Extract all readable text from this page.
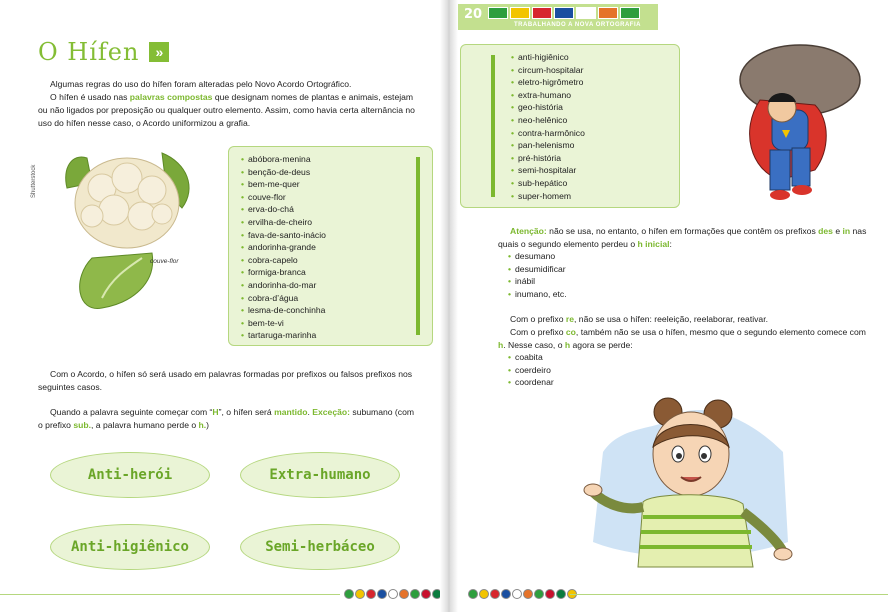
O Hífen	»

Algumas regras do uso do hífen foram alteradas pelo Novo Acordo Ortográfico.

O hífen é usado nas palavras compostas que designam nomes de plantas e animais, estejam ou não ligados por preposição ou qualquer outro elemento. Assim, como havia certa alternância no uso do hífen nesse caso, o Acordo uniformizou a grafia.

Shutterstock
couve-flor
• abóbora-menina
• benção-de-deus
• bem-me-quer
• couve-flor
• erva-do-chá
• ervilha-de-cheiro
• fava-de-santo-inácio
• andorinha-grande
• cobra-capelo
• formiga-branca
• andorinha-do-mar
• cobra-d’água
• lesma-de-conchinha
• bem-te-vi
• tartaruga-marinha

Com o Acordo, o hífen só será usado em palavras formadas por prefixos ou falsos prefixos nos seguintes casos.

Quando a palavra seguinte começar com “H”, o hífen será mantido. Exceção: subumano (com o prefixo sub., a palavra humano perde o h.)

Anti-herói	Extra-humano
Anti-higiênico	Semi-herbáceo
20
TRABALHANDO A NOVA ORTOGRAFIA
• anti-higiênico
• circum-hospitalar
• eletro-higrômetro
• extra-humano
• geo-história
• neo-helênico
• contra-harmônico
• pan-helenismo
• pré-história
• semi-hospitalar
• sub-hepático
• super-homem

Atenção: não se usa, no entanto, o hífen em formações que contêm os prefixos des e in nas quais o segundo elemento perdeu o h inicial:

• desumano
• desumidificar
• inábil
• inumano, etc.

Com o prefixo re, não se usa o hífen: reeleição, reelaborar, reativar.

Com o prefixo co, também não se usa o hífen, mesmo que o segundo elemento comece com h. Nesse caso, o h agora se perde:

• coabita
• coerdeiro
• coordenar
